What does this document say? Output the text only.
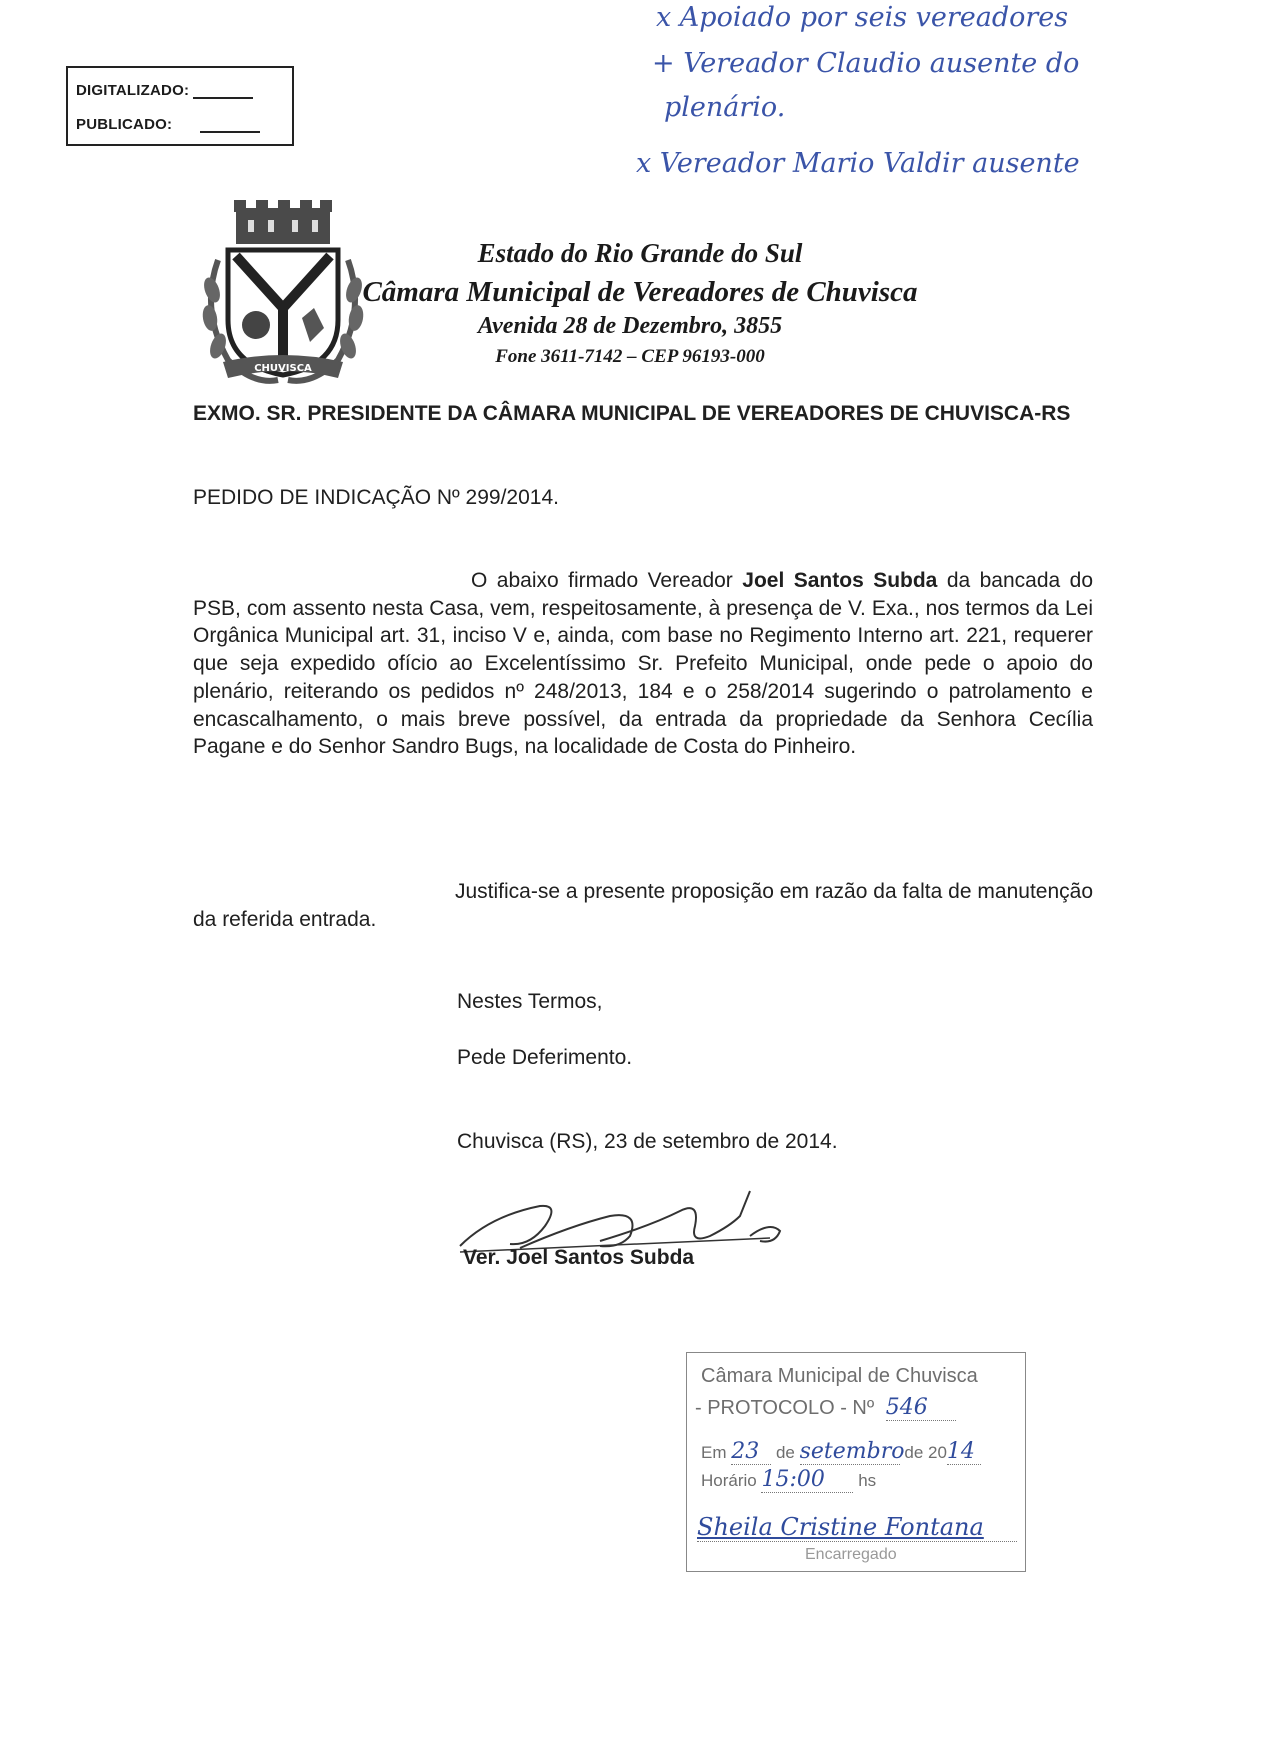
DIGITALIZADO:
PUBLICADO:
x Apoiado por seis vereadores
+ Vereador Claudio ausente do
plenário.
x Vereador Mario Valdir ausente
CHUVISCA
Estado do Rio Grande do Sul
Câmara Municipal de Vereadores de Chuvisca
Avenida 28 de Dezembro, 3855
Fone 3611-7142 – CEP 96193-000
EXMO. SR. PRESIDENTE DA CÂMARA MUNICIPAL DE VEREADORES DE CHUVISCA-RS
PEDIDO DE INDICAÇÃO Nº 299/2014.
O abaixo firmado Vereador Joel Santos Subda da bancada do PSB, com assento nesta Casa, vem, respeitosamente, à presença de V. Exa., nos termos da Lei Orgânica Municipal art. 31, inciso V e, ainda, com base no Regimento Interno art. 221, requerer que seja expedido ofício ao Excelentíssimo Sr. Prefeito Municipal, onde pede o apoio do plenário, reiterando os pedidos nº 248/2013, 184 e o 258/2014 sugerindo o patrolamento e encascalhamento, o mais breve possível, da entrada da propriedade da Senhora Cecília Pagane e do Senhor Sandro Bugs, na localidade de Costa do Pinheiro.
Justifica-se a presente proposição em razão da falta de manutenção da referida entrada.
Nestes Termos,
Pede Deferimento.
Chuvisca (RS), 23 de setembro de 2014.
Ver. Joel Santos Subda
Câmara Municipal de Chuvisca
- PROTOCOLO - Nº 546
Em 23 de setembro de 2014
Horário 15:00 hs
Sheila Cristine Fontana
Encarregado
